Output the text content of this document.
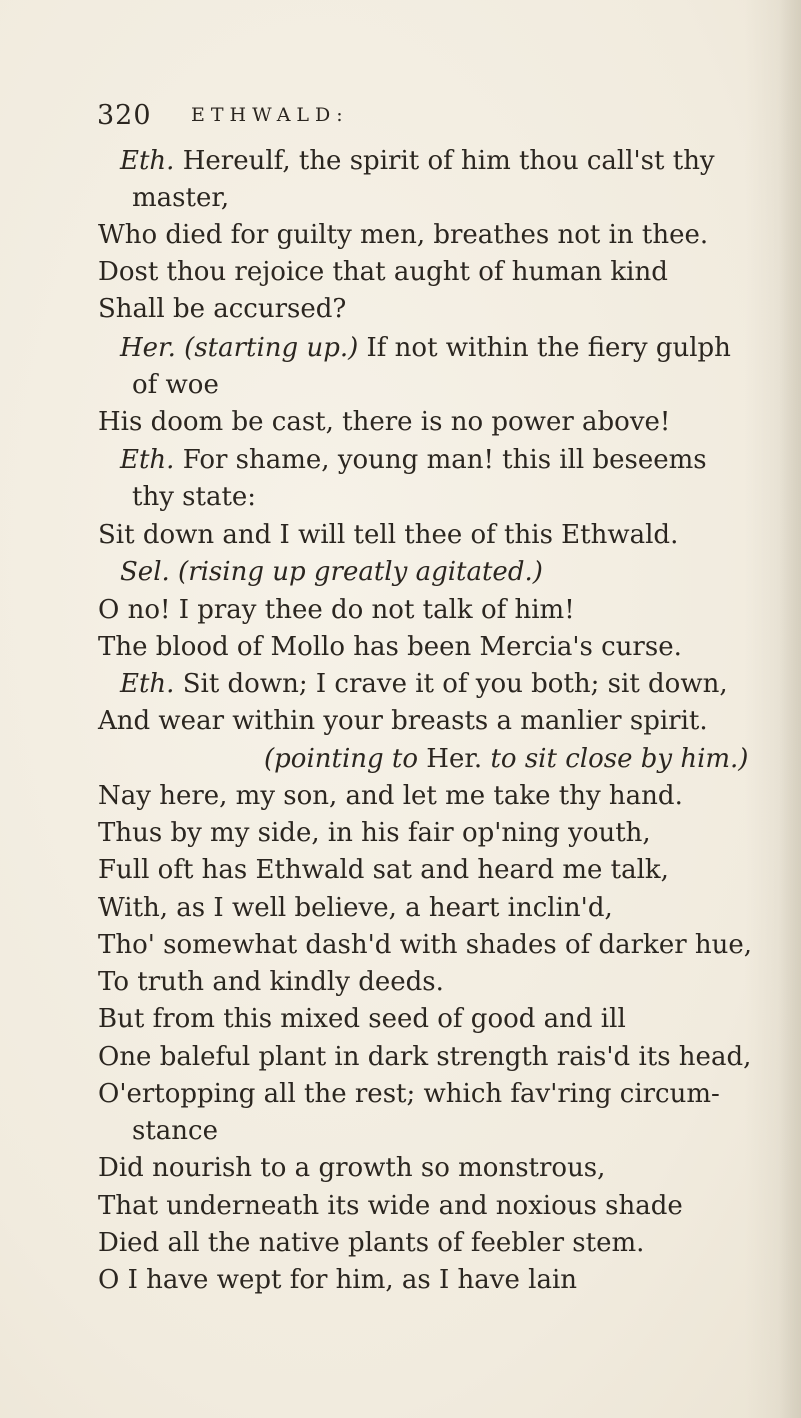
320 ETHWALD:
Eth. Hereulf, the spirit of him thou call'st thy
master,
Who died for guilty men, breathes not in thee.
Dost thou rejoice that aught of human kind
Shall be accursed?
Her. (starting up.) If not within the fiery gulph
of woe
His doom be cast, there is no power above!
Eth. For shame, young man! this ill beseems
thy state:
Sit down and I will tell thee of this Ethwald.
Sel. (rising up greatly agitated.)
O no! I pray thee do not talk of him!
The blood of Mollo has been Mercia's curse.
Eth. Sit down; I crave it of you both; sit down,
And wear within your breasts a manlier spirit.
(pointing to Her. to sit close by him.)
Nay here, my son, and let me take thy hand.
Thus by my side, in his fair op'ning youth,
Full oft has Ethwald sat and heard me talk,
With, as I well believe, a heart inclin'd,
Tho' somewhat dash'd with shades of darker hue,
To truth and kindly deeds.
But from this mixed seed of good and ill
One baleful plant in dark strength rais'd its head,
O'ertopping all the rest; which fav'ring circum-
stance
Did nourish to a growth so monstrous,
That underneath its wide and noxious shade
Died all the native plants of feebler stem.
O I have wept for him, as I have lain
